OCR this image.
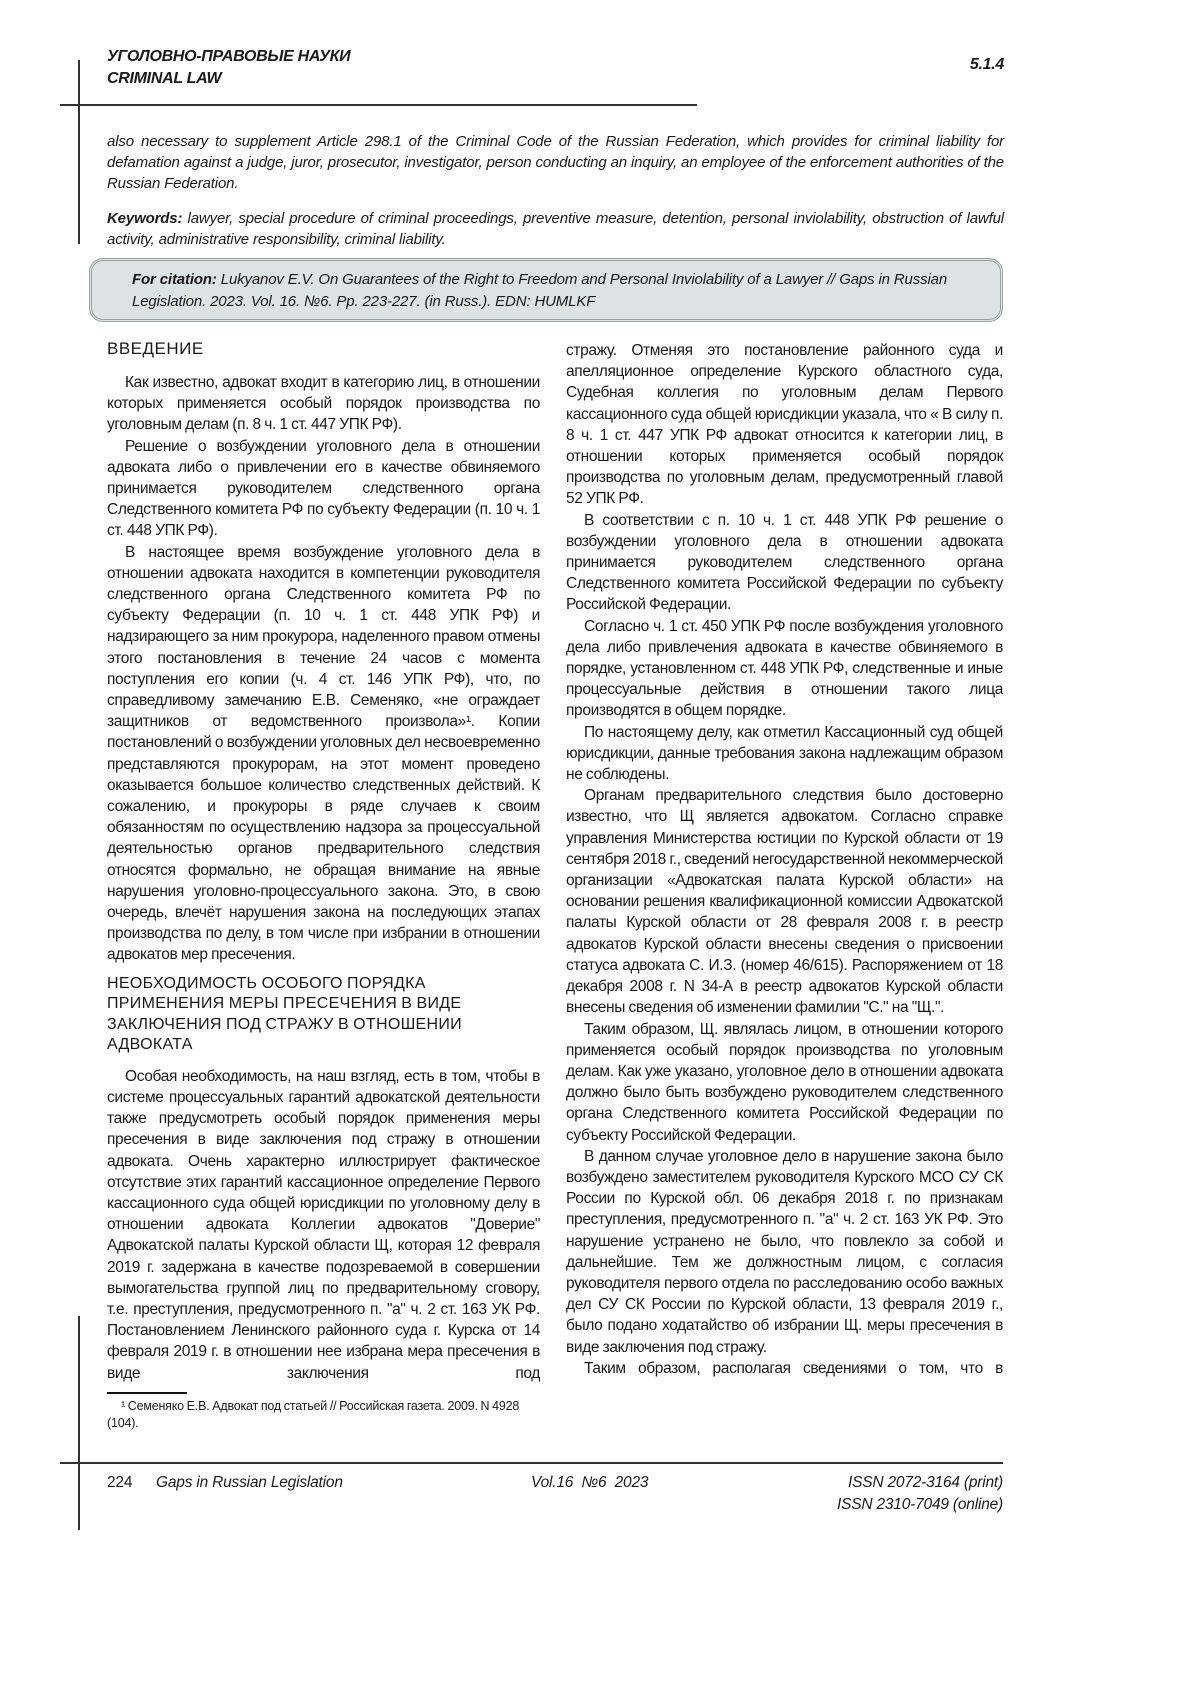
УГОЛОВНО-ПРАВОВЫЕ НАУКИ
CRIMINAL LAW
5.1.4
also necessary to supplement Article 298.1 of the Criminal Code of the Russian Federation, which provides for criminal liability for defamation against a judge, juror, prosecutor, investigator, person conducting an inquiry, an employee of the enforcement authorities of the Russian Federation.
Keywords: lawyer, special procedure of criminal proceedings, preventive measure, detention, personal inviolability, obstruction of lawful activity, administrative responsibility, criminal liability.
For citation: Lukyanov E.V. On Guarantees of the Right to Freedom and Personal Inviolability of a Lawyer // Gaps in Russian Legislation. 2023. Vol. 16. №6. Pp. 223-227. (in Russ.). EDN: HUMLKF
ВВЕДЕНИЕ

Как известно, адвокат входит в категорию лиц, в отношении которых применяется особый порядок производства по уголовным делам (п. 8 ч. 1 ст. 447 УПК РФ).

Решение о возбуждении уголовного дела в отношении адвоката либо о привлечении его в качестве обвиняемого принимается руководителем следственного органа Следственного комитета РФ по субъекту Федерации (п. 10 ч. 1 ст. 448 УПК РФ).

В настоящее время возбуждение уголовного дела в отношении адвоката находится в компетенции руководителя следственного органа Следственного комитета РФ по субъекту Федерации (п. 10 ч. 1 ст. 448 УПК РФ) и надзирающего за ним прокурора, наделенного правом отмены этого постановления в течение 24 часов с момента поступления его копии (ч. 4 ст. 146 УПК РФ), что, по справедливому замечанию Е.В. Семеняко, «не ограждает защитников от ведомственного произвола»¹. Копии постановлений о возбуждении уголовных дел несвоевременно представляются прокурорам, на этот момент проведено оказывается большое количество следственных действий. К сожалению, и прокуроры в ряде случаев к своим обязанностям по осуществлению надзора за процессуальной деятельностью органов предварительного следствия относятся формально, не обращая внимание на явные нарушения уголовно-процессуального закона. Это, в свою очередь, влечёт нарушения закона на последующих этапах производства по делу, в том числе при избрании в отношении адвокатов мер пресечения.

НЕОБХОДИМОСТЬ ОСОБОГО ПОРЯДКА ПРИМЕНЕНИЯ МЕРЫ ПРЕСЕЧЕНИЯ В ВИДЕ ЗАКЛЮЧЕНИЯ ПОД СТРАЖУ В ОТНОШЕНИИ АДВОКАТА

Особая необходимость, на наш взгляд, есть в том, чтобы в системе процессуальных гарантий адвокатской деятельности также предусмотреть особый порядок применения меры пресечения в виде заключения под стражу в отношении адвоката. Очень характерно иллюстрирует фактическое отсутствие этих гарантий кассационное определение Первого кассационного суда общей юрисдикции по уголовному делу в отношении адвоката Коллегии адвокатов "Доверие" Адвокатской палаты Курской области Щ, которая 12 февраля 2019 г. задержана в качестве подозреваемой в совершении вымогательства группой лиц по предварительному сговору, т.е. преступления, предусмотренного п. "а" ч. 2 ст. 163 УК РФ. Постановлением Ленинского районного суда г. Курска от 14 февраля 2019 г. в отношении нее избрана мера пресечения в виде заключения под

¹ Семеняко Е.В. Адвокат под статьей // Российская газета. 2009. N 4928 (104).

стражу. Отменяя это постановление районного суда и апелляционное определение Курского областного суда, Судебная коллегия по уголовным делам Первого кассационного суда общей юрисдикции указала, что « В силу п. 8 ч. 1 ст. 447 УПК РФ адвокат относится к категории лиц, в отношении которых применяется особый порядок производства по уголовным делам, предусмотренный главой 52 УПК РФ.

В соответствии с п. 10 ч. 1 ст. 448 УПК РФ решение о возбуждении уголовного дела в отношении адвоката принимается руководителем следственного органа Следственного комитета Российской Федерации по субъекту Российской Федерации.

Согласно ч. 1 ст. 450 УПК РФ после возбуждения уголовного дела либо привлечения адвоката в качестве обвиняемого в порядке, установленном ст. 448 УПК РФ, следственные и иные процессуальные действия в отношении такого лица производятся в общем порядке.

По настоящему делу, как отметил Кассационный суд общей юрисдикции, данные требования закона надлежащим образом не соблюдены.

Органам предварительного следствия было достоверно известно, что Щ является адвокатом. Согласно справке управления Министерства юстиции по Курской области от 19 сентября 2018 г., сведений негосударственной некоммерческой организации «Адвокатская палата Курской области» на основании решения квалификационной комиссии Адвокатской палаты Курской области от 28 февраля 2008 г. в реестр адвокатов Курской области внесены сведения о присвоении статуса адвоката С. И.З. (номер 46/615). Распоряжением от 18 декабря 2008 г. N 34-А в реестр адвокатов Курской области внесены сведения об изменении фамилии "С." на "Щ.".

Таким образом, Щ. являлась лицом, в отношении которого применяется особый порядок производства по уголовным делам. Как уже указано, уголовное дело в отношении адвоката должно было быть возбуждено руководителем следственного органа Следственного комитета Российской Федерации по субъекту Российской Федерации.

В данном случае уголовное дело в нарушение закона было возбуждено заместителем руководителя Курского МСО СУ СК России по Курской обл. 06 декабря 2018 г. по признакам преступления, предусмотренного п. "а" ч. 2 ст. 163 УК РФ. Это нарушение устранено не было, что повлекло за собой и дальнейшие. Тем же должностным лицом, с согласия руководителя первого отдела по расследованию особо важных дел СУ СК России по Курской области, 13 февраля 2019 г., было подано ходатайство об избрании Щ. меры пресечения в виде заключения под стражу.

Таким образом, располагая сведениями о том, что в

224 Gaps in Russian Legislation	Vol.16  №6  2023	ISSN 2072-3164 (print)
ISSN 2310-7049 (online)
